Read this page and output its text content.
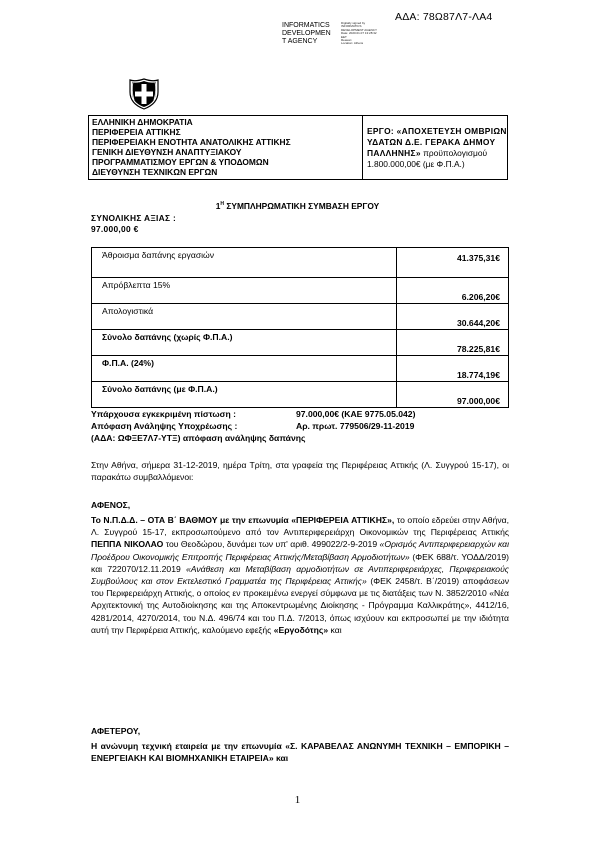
ΑΔΑ: 78Ω87Λ7-ΛΑ4
INFORMATICS
DEVELOPMEN
T AGENCY
Digitally signed by
INFORMATICS
DEVELOPMENT AGENCY
Date: 2020.01.07 13:28:32
EET
Reason:
Location: Athens
ΕΛΛΗΝΙΚΗ ΔΗΜΟΚΡΑΤΙΑ
ΠΕΡΙΦΕΡΕΙΑ ΑΤΤΙΚΗΣ
ΠΕΡΙΦΕΡΕΙΑΚΗ ΕΝΟΤΗΤΑ ΑΝΑΤΟΛΙΚΗΣ ΑΤΤΙΚΗΣ
ΓΕΝΙΚΗ ΔΙΕΥΘΥΝΣΗ ΑΝΑΠΤΥΞΙΑΚΟΥ
ΠΡΟΓΡΑΜΜΑΤΙΣΜΟΥ ΕΡΓΩΝ & ΥΠΟΔΟΜΩΝ
ΔΙΕΥΘΥΝΣΗ ΤΕΧΝΙΚΩΝ ΕΡΓΩΝ
ΕΡΓΟ: «ΑΠΟΧΕΤΕΥΣΗ ΟΜΒΡΙΩΝ ΥΔΑΤΩΝ Δ.Ε. ΓΕΡΑΚΑ ΔΗΜΟΥ ΠΑΛΛΗΝΗΣ» προϋπολογισμού 1.800.000,00€ (με Φ.Π.Α.)
$1^H$ ΣΥΜΠΛΗΡΩΜΑΤΙΚΗ ΣΥΜΒΑΣΗ ΕΡΓΟΥ
ΣΥΝΟΛΙΚΗΣ ΑΞΙΑΣ :
97.000,00 €
Άθροισμα δαπάνης εργασιών	41.375,31€
Απρόβλεπτα 15%	6.206,20€
Απολογιστικά	30.644,20€
Σύνολο δαπάνης (χωρίς Φ.Π.Α.)	78.225,81€
Φ.Π.Α. (24%)	18.774,19€
Σύνολο δαπάνης (με Φ.Π.Α.)	97.000,00€
Υπάρχουσα εγκεκριμένη πίστωση :	97.000,00€ (ΚΑΕ 9775.05.042)
Απόφαση Ανάληψης Υποχρέωσης :	Αρ. πρωτ. 779506/29-11-2019
(ΑΔΑ: ΩΦΞΕ7Λ7-ΥΤΞ) απόφαση ανάληψης δαπάνης
Στην Αθήνα, σήμερα 31-12-2019, ημέρα Τρίτη, στα γραφεία της Περιφέρειας Αττικής (Λ. Συγγρού 15-17), οι παρακάτω συμβαλλόμενοι:
ΑΦΕΝΟΣ,
Το Ν.Π.Δ.Δ. – ΟΤΑ Β΄ ΒΑΘΜΟΥ με την επωνυμία «ΠΕΡΙΦΕΡΕΙΑ ΑΤΤΙΚΗΣ», το οποίο εδρεύει στην Αθήνα, Λ. Συγγρού 15-17, εκπροσωπούμενο από τον Αντιπεριφερειάρχη Οικονομικών της Περιφέρειας Αττικής ΠΕΠΠΑ ΝΙΚΟΛΑΟ του Θεοδώρου, δυνάμει των υπ' αριθ. 499022/2-9-2019 «Ορισμός Αντιπεριφερειαρχών και Προέδρου Οικονομικής Επιτροπής Περιφέρειας Αττικής/Μεταβίβαση Αρμοδιοτήτων» (ΦΕΚ 688/τ. ΥΟΔΔ/2019) και 722070/12.11.2019 «Ανάθεση και Μεταβίβαση αρμοδιοτήτων σε Αντιπεριφερειάρχες, Περιφερειακούς Συμβούλους και στον Εκτελεστικό Γραμματέα της Περιφέρειας Αττικής» (ΦΕΚ 2458/τ. Β΄/2019) αποφάσεων του Περιφερειάρχη Αττικής, ο οποίος εν προκειμένω ενεργεί σύμφωνα με τις διατάξεις των Ν. 3852/2010 «Νέα Αρχιτεκτονική της Αυτοδιοίκησης και της Αποκεντρωμένης Διοίκησης - Πρόγραμμα Καλλικράτης», 4412/16, 4281/2014, 4270/2014, του Ν.Δ. 496/74 και του Π.Δ. 7/2013, όπως ισχύουν και εκπροσωπεί με την ιδιότητα αυτή την Περιφέρεια Αττικής, καλούμενο εφεξής «Εργοδότης» και
ΑΦΕΤΕΡΟΥ,
Η ανώνυμη τεχνική εταιρεία με την επωνυμία «Σ. ΚΑΡΑΒΕΛΑΣ ΑΝΩΝΥΜΗ ΤΕΧΝΙΚΗ – ΕΜΠΟΡΙΚΗ – ΕΝΕΡΓΕΙΑΚΗ ΚΑΙ ΒΙΟΜΗΧΑΝΙΚΗ ΕΤΑΙΡΕΙΑ» και
1
